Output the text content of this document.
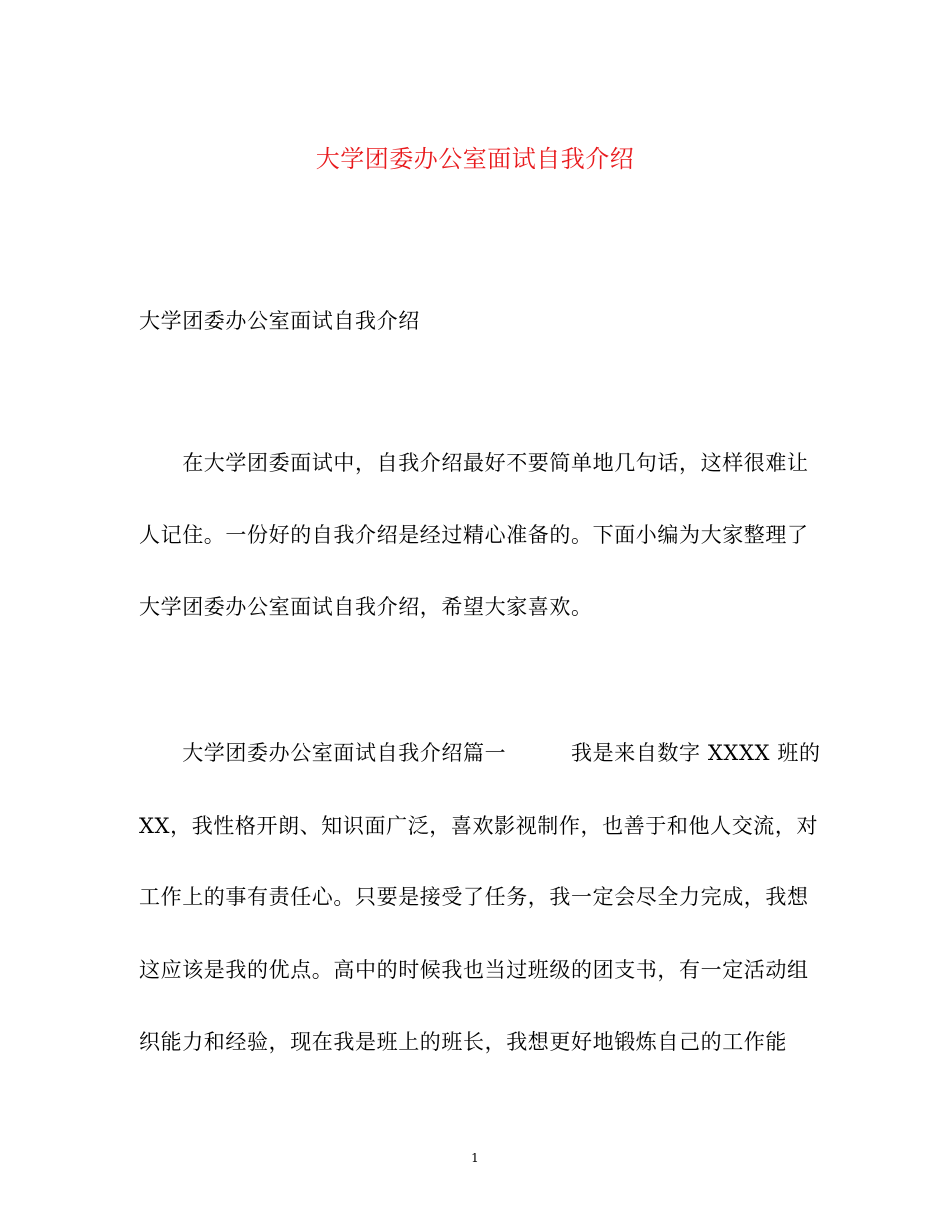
大学团委办公室面试自我介绍
大学团委办公室面试自我介绍
　　在大学团委面试中，自我介绍最好不要简单地几句话，这样很难让
人记住。一份好的自我介绍是经过精心准备的。下面小编为大家整理了
大学团委办公室面试自我介绍，希望大家喜欢。
　　大学团委办公室面试自我介绍篇一　　　我是来自数字 XXXX 班的
XX，我性格开朗、知识面广泛，喜欢影视制作，也善于和他人交流，对
工作上的事有责任心。只要是接受了任务，我一定会尽全力完成，我想
这应该是我的优点。高中的时候我也当过班级的团支书，有一定活动组
织能力和经验，现在我是班上的班长，我想更好地锻炼自己的工作能
1
